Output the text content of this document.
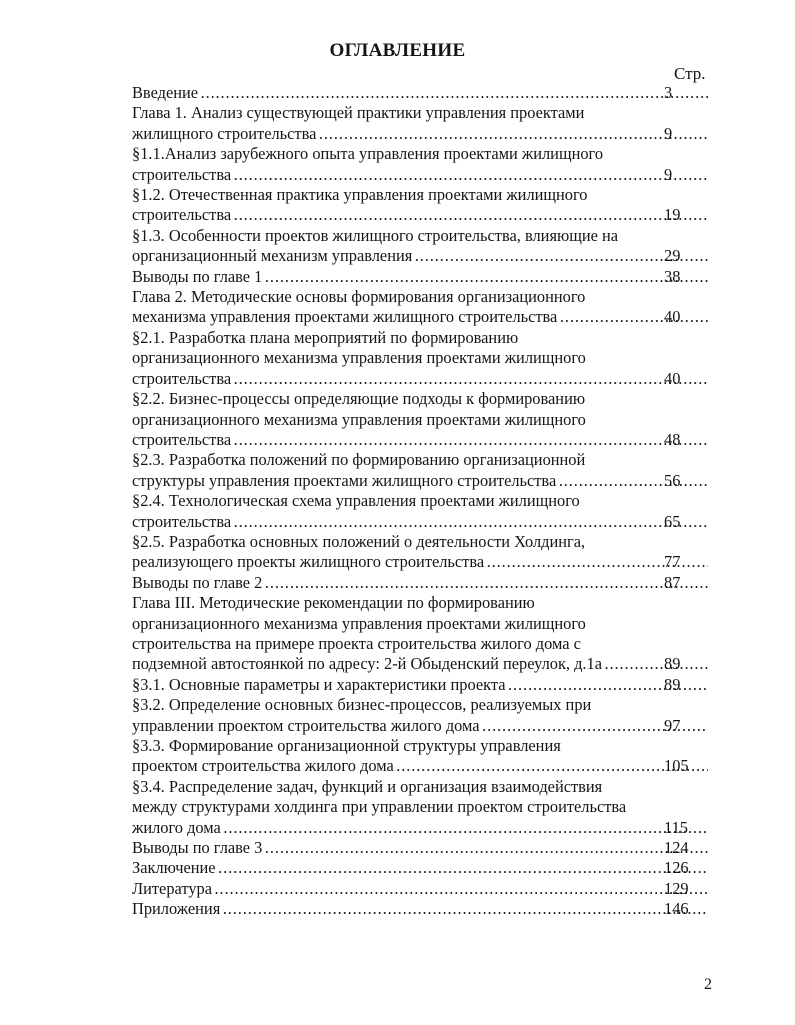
ОГЛАВЛЕНИЕ
Стр.
Введение . . .	3
Глава 1. Анализ существующей практики управления проектами
жилищного строительства . . .	9
§1.1.Анализ зарубежного опыта управления проектами жилищного
строительства . . .	9
§1.2. Отечественная практика управления проектами жилищного
строительства . . .	19
§1.3. Особенности проектов жилищного строительства, влияющие на
организационный механизм управления . . .	29
Выводы по главе 1 . . .	38
Глава 2. Методические основы формирования организационного
механизма управления проектами жилищного строительства . . .	40
§2.1. Разработка плана мероприятий по формированию
организационного механизма управления проектами жилищного
строительства . . .	40
§2.2. Бизнес-процессы определяющие подходы к формированию
организационного механизма управления проектами жилищного
строительства . . .	48
§2.3. Разработка положений по формированию организационной
структуры управления проектами жилищного строительства . . .	56
§2.4. Технологическая схема управления проектами жилищного
строительства . . .	65
§2.5. Разработка основных положений о деятельности Холдинга,
реализующего проекты жилищного строительства . . .	77
Выводы по главе 2 . . .	87
Глава III. Методические рекомендации по формированию
организационного механизма управления проектами жилищного
строительства на примере проекта строительства жилого дома с
подземной автостоянкой по адресу: 2-й Обыденский переулок, д.1а . . .	89
§3.1. Основные параметры и характеристики проекта . . .	89
§3.2. Определение основных бизнес-процессов, реализуемых при
управлении проектом строительства жилого дома . . .	97
§3.3. Формирование организационной структуры управления
проектом строительства жилого дома . . .	105
§3.4. Распределение задач, функций и организация взаимодействия
между структурами холдинга при управлении проектом строительства
жилого дома . . .	115
Выводы по главе 3 . . .	124
Заключение . . .	126
Литература . . .	129
Приложения . . .	146
2
